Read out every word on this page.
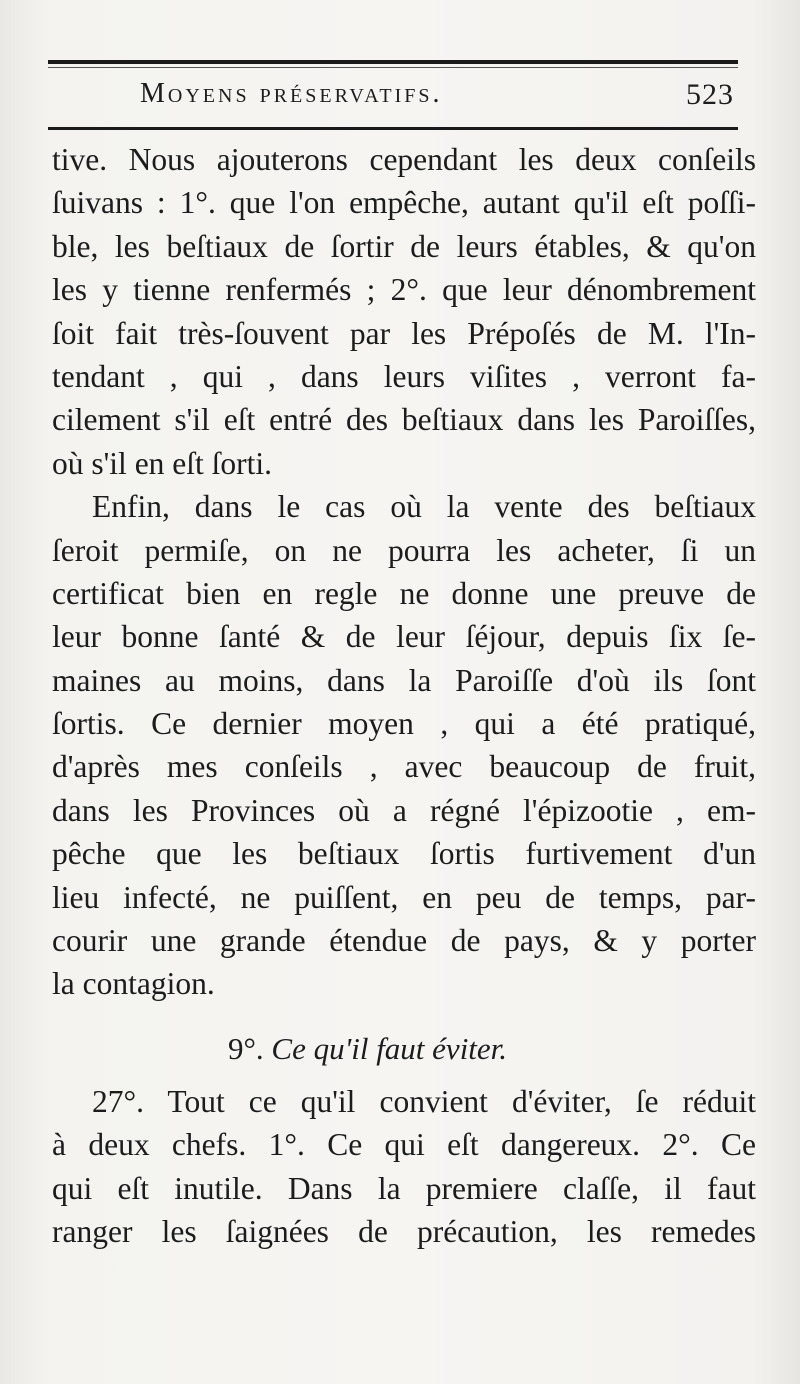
Moyens préservatifs.	523
tive. Nous ajouterons cependant les deux conſeils
ſuivans : 1°. que l'on empêche, autant qu'il eſt poſſi-
ble, les beſtiaux de ſortir de leurs étables, & qu'on
les y tienne renfermés ; 2°. que leur dénombrement
ſoit fait très-ſouvent par les Prépoſés de M. l'In-
tendant , qui , dans leurs viſites , verront fa-
cilement s'il eſt entré des beſtiaux dans les Paroiſſes,
où s'il en eſt ſorti.
Enfin, dans le cas où la vente des beſtiaux
ſeroit permiſe, on ne pourra les acheter, ſi un
certificat bien en regle ne donne une preuve de
leur bonne ſanté & de leur ſéjour, depuis ſix ſe-
maines au moins, dans la Paroiſſe d'où ils ſont
ſortis. Ce dernier moyen , qui a été pratiqué,
d'après mes conſeils , avec beaucoup de fruit,
dans les Provinces où a régné l'épizootie , em-
pêche que les beſtiaux ſortis furtivement d'un
lieu infecté, ne puiſſent, en peu de temps, par-
courir une grande étendue de pays, & y porter
la contagion.
9°. Ce qu'il faut éviter.
27°. Tout ce qu'il convient d'éviter, ſe réduit
à deux chefs. 1°. Ce qui eſt dangereux. 2°. Ce
qui eſt inutile. Dans la premiere claſſe, il faut
ranger les ſaignées de précaution, les remedes
